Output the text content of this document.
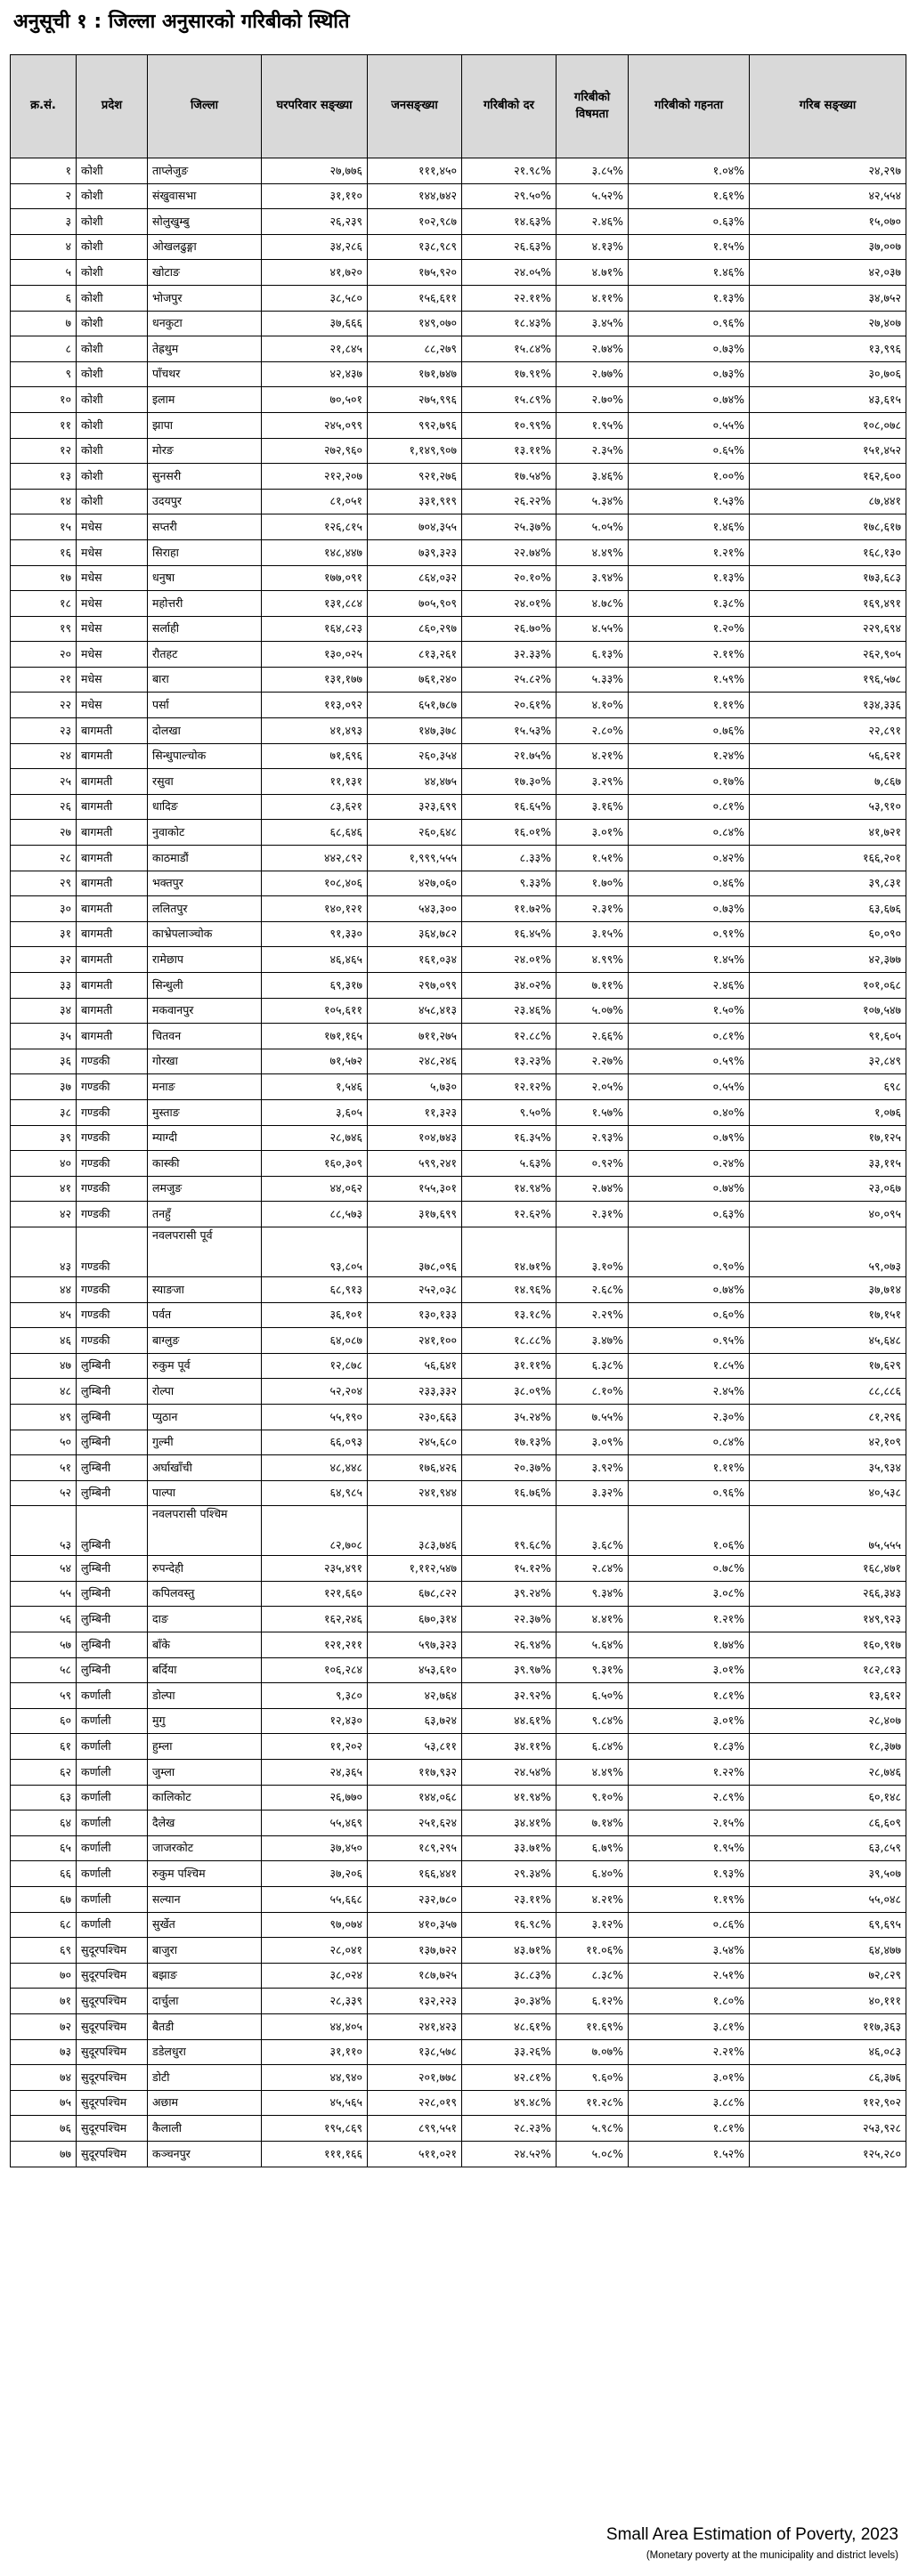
अनुसूची १ : जिल्ला अनुसारको गरिबीको स्थिति
क्र.सं.	प्रदेश	जिल्ला	घरपरिवार सङ्ख्या	जनसङ्ख्या	गरिबीको दर	गरिबीको विषमता	गरिबीको गहनता	गरिब सङ्ख्या
१	कोशी	ताप्लेजुङ	२७,७७६	१११,४५०	२१.९८%	३.८५%	१.०४%	२४,२९७
२	कोशी	संखुवासभा	३१,११०	१४४,७४२	२९.५०%	५.५२%	१.६१%	४२,५५४
३	कोशी	सोलुखुम्बु	२६,२३९	१०२,९८७	१४.६३%	२.४६%	०.६३%	१५,०७०
४	कोशी	ओखलढुङ्गा	३४,२८६	१३८,९८९	२६.६३%	४.१३%	१.१५%	३७,००७
५	कोशी	खोटाङ	४१,७२०	१७५,९२०	२४.०५%	४.७१%	१.४६%	४२,०३७
६	कोशी	भोजपुर	३८,५८०	१५६,६११	२२.११%	४.११%	१.१३%	३४,७५२
७	कोशी	धनकुटा	३७,६६६	१४९,०७०	१८.४३%	३.४५%	०.९६%	२७,४०७
८	कोशी	तेह्रथुम	२१,८४५	८८,२७९	१५.८४%	२.७४%	०.७३%	१३,९९६
९	कोशी	पाँचथर	४२,४३७	१७१,७४७	१७.९१%	२.७७%	०.७३%	३०,७०६
१०	कोशी	इलाम	७०,५०१	२७५,९९६	१५.८९%	२.७०%	०.७४%	४३,६१५
११	कोशी	झापा	२४५,०९९	९९२,७९६	१०.९९%	१.९५%	०.५५%	१०८,०७८
१२	कोशी	मोरङ	२७२,९६०	१,१४९,९०७	१३.११%	२.३५%	०.६५%	१५१,४५२
१३	कोशी	सुनसरी	२१२,२०७	९२१,२७६	१७.५४%	३.४६%	१.००%	१६२,६००
१४	कोशी	उदयपुर	८१,०५१	३३१,९१९	२६.२२%	५.३४%	१.५३%	८७,४४१
१५	मधेस	सप्तरी	१२६,८१५	७०४,३५५	२५.३७%	५.०५%	१.४६%	१७८,६१७
१६	मधेस	सिराहा	१४८,४४७	७३९,३२३	२२.७४%	४.४९%	१.२१%	१६८,१३०
१७	मधेस	धनुषा	१७७,०९१	८६४,०३२	२०.१०%	३.९४%	१.१३%	१७३,६८३
१८	मधेस	महोत्तरी	१३१,८८४	७०५,९०९	२४.०१%	४.७८%	१.३८%	१६९,४९१
१९	मधेस	सर्लाही	१६४,८२३	८६०,२९७	२६.७०%	४.५५%	१.२०%	२२९,६९४
२०	मधेस	रौतहट	१३०,०२५	८१३,२६१	३२.३३%	६.१३%	२.११%	२६२,९०५
२१	मधेस	बारा	१३१,१७७	७६१,२४०	२५.८२%	५.३३%	१.५९%	१९६,५७८
२२	मधेस	पर्सा	११३,०९२	६५१,७८७	२०.६१%	४.१०%	१.११%	१३४,३३६
२३	बागमती	दोलखा	४१,४९३	१४७,३७८	१५.५३%	२.८०%	०.७६%	२२,८९१
२४	बागमती	सिन्धुपाल्चोक	७१,६९६	२६०,३५४	२१.७५%	४.२१%	१.२४%	५६,६२१
२५	बागमती	रसुवा	११,१३१	४४,४७५	१७.३०%	३.२९%	०.१७%	७,८६७
२६	बागमती	धादिङ	८३,६२१	३२३,६९९	१६.६५%	३.१६%	०.८१%	५३,९१०
२७	बागमती	नुवाकोट	६८,६४६	२६०,६४८	१६.०१%	३.०१%	०.८४%	४१,७२१
२८	बागमती	काठमाडौं	४४२,८९२	१,९९९,५५५	८.३३%	१.५१%	०.४२%	१६६,२०१
२९	बागमती	भक्तपुर	१०८,४०६	४२७,०६०	९.३३%	१.७०%	०.४६%	३९,८३१
३०	बागमती	ललितपुर	१४०,१२१	५४३,३००	११.७२%	२.३१%	०.७३%	६३,६७६
३१	बागमती	काभ्रेपलाञ्चोक	९१,३३०	३६४,७८२	१६.४५%	३.१५%	०.९१%	६०,०९०
३२	बागमती	रामेछाप	४६,४६५	१६१,०३४	२४.०१%	४.९९%	१.४५%	४२,३७७
३३	बागमती	सिन्धुली	६९,३१७	२९७,०९९	३४.०२%	७.११%	२.४६%	१०१,०६८
३४	बागमती	मकवानपुर	१०५,६११	४५८,४१३	२३.४६%	५.०७%	१.५०%	१०७,५४७
३५	बागमती	चितवन	१७१,१६५	७११,२७५	१२.८८%	२.६६%	०.८१%	९१,६०५
३६	गण्डकी	गोरखा	७१,५७२	२४८,२४६	१३.२३%	२.२७%	०.५९%	३२,८४९
३७	गण्डकी	मनाङ	१,५४६	५,७३०	१२.१२%	२.०५%	०.५५%	६९८
३८	गण्डकी	मुस्ताङ	३,६०५	११,३२३	९.५०%	१.५७%	०.४०%	१,०७६
३९	गण्डकी	म्याग्दी	२८,७४६	१०४,७४३	१६.३५%	२.९३%	०.७९%	१७,१२५
४०	गण्डकी	कास्की	१६०,३०९	५९९,२४१	५.६३%	०.९२%	०.२४%	३३,११५
४१	गण्डकी	लमजुङ	४४,०६२	१५५,३०१	१४.९४%	२.७४%	०.७४%	२३,०६७
४२	गण्डकी	तनहुँ	८८,५७३	३१७,६९९	१२.६२%	२.३१%	०.६३%	४०,०९५
४३	गण्डकी	नवलपरासी पूर्व	९३,८०५	३७८,०९६	१४.७१%	३.१०%	०.९०%	५९,०७३
४४	गण्डकी	स्याङजा	६८,९१३	२५२,०३८	१४.९६%	२.६८%	०.७४%	३७,७१४
४५	गण्डकी	पर्वत	३६,१०१	१३०,१३३	१३.१८%	२.२९%	०.६०%	१७,१५१
४६	गण्डकी	बाग्लुङ	६४,०८७	२४१,१००	१८.८८%	३.४७%	०.९५%	४५,६४८
४७	लुम्बिनी	रुकुम पूर्व	१२,८७८	५६,६४१	३१.११%	६.३८%	१.८५%	१७,६२९
४८	लुम्बिनी	रोल्पा	५२,२०४	२३३,३३२	३८.०९%	८.१०%	२.४५%	८८,८८६
४९	लुम्बिनी	प्युठान	५५,१९०	२३०,६६३	३५.२४%	७.५५%	२.३०%	८१,२९६
५०	लुम्बिनी	गुल्मी	६६,०९३	२४५,६८०	१७.१३%	३.०९%	०.८४%	४२,१०९
५१	लुम्बिनी	अर्घाखाँची	४८,४४८	१७६,४२६	२०.३७%	३.९२%	१.११%	३५,९३४
५२	लुम्बिनी	पाल्पा	६४,९८५	२४१,९४४	१६.७६%	३.३२%	०.९६%	४०,५३८
५३	लुम्बिनी	नवलपरासी पश्चिम	८२,७०८	३८३,७४६	१९.६८%	३.६८%	१.०६%	७५,५५५
५४	लुम्बिनी	रुपन्देही	२३५,४९१	१,११२,५४७	१५.१२%	२.८४%	०.७८%	१६८,४७१
५५	लुम्बिनी	कपिलवस्तु	१२१,६६०	६७८,८२२	३९.२४%	९.३४%	३.०८%	२६६,३४३
५६	लुम्बिनी	दाङ	१६२,२४६	६७०,३१४	२२.३७%	४.४१%	१.२१%	१४९,९२३
५७	लुम्बिनी	बाँके	१२१,२११	५९७,३२३	२६.९४%	५.६४%	१.७४%	१६०,९१७
५८	लुम्बिनी	बर्दिया	१०६,२८४	४५३,६१०	३९.९७%	९.३१%	३.०१%	१८२,८१३
५९	कर्णाली	डोल्पा	९,३८०	४२,७६४	३२.९२%	६.५०%	१.८१%	१३,६१२
६०	कर्णाली	मुगु	१२,४३०	६३,७२४	४४.६१%	९.८४%	३.०१%	२८,४०७
६१	कर्णाली	हुम्ला	११,२०२	५३,८११	३४.११%	६.८४%	१.८३%	१८,३७७
६२	कर्णाली	जुम्ला	२४,३६५	११७,९३२	२४.५४%	४.४९%	१.२२%	२८,७४६
६३	कर्णाली	कालिकोट	२६,७७०	१४४,०६८	४१.९४%	९.१०%	२.८९%	६०,१४८
६४	कर्णाली	दैलेख	५५,४६९	२५१,६२४	३४.४१%	७.१४%	२.१५%	८६,६०९
६५	कर्णाली	जाजरकोट	३७,४५०	१८९,२९५	३३.७१%	६.७९%	१.९५%	६३,८५९
६६	कर्णाली	रुकुम पश्चिम	३७,२०६	१६६,४४१	२९.३४%	६.४०%	१.९३%	३९,५०७
६७	कर्णाली	सल्यान	५५,६६८	२३२,७८०	२३.११%	४.२१%	१.१९%	५५,०४८
६८	कर्णाली	सुर्खेत	९७,०७४	४१०,३५७	१६.९८%	३.१२%	०.८६%	६९,६९५
६९	सुदूरपश्चिम	बाजुरा	२८,०४१	१३७,७२२	४३.७१%	११.०६%	३.५४%	६४,४७७
७०	सुदूरपश्चिम	बझाङ	३८,०२४	१८७,७२५	३८.८३%	८.३८%	२.५१%	७२,८२९
७१	सुदूरपश्चिम	दार्चुला	२८,३३९	१३२,२२३	३०.३४%	६.१२%	१.८०%	४०,१११
७२	सुदूरपश्चिम	बैतडी	४४,४०५	२४१,४२३	४८.६१%	११.६९%	३.८१%	११७,३६३
७३	सुदूरपश्चिम	डडेलधुरा	३१,११०	१३८,५७८	३३.२६%	७.०७%	२.२१%	४६,०८३
७४	सुदूरपश्चिम	डोटी	४४,९४०	२०१,७७८	४२.८१%	९.६०%	३.०१%	८६,३७६
७५	सुदूरपश्चिम	अछाम	४५,५६५	२२८,०१९	४९.४८%	११.२८%	३.८८%	११२,९०२
७६	सुदूरपश्चिम	कैलाली	१९५,८६९	८९९,५५१	२८.२३%	५.९८%	१.८१%	२५३,९२८
७७	सुदूरपश्चिम	कञ्चनपुर	१११,१६६	५११,०२१	२४.५२%	५.०८%	१.५२%	१२५,२८०
Small Area Estimation of Poverty, 2023
(Monetary poverty at the municipality and district levels)
